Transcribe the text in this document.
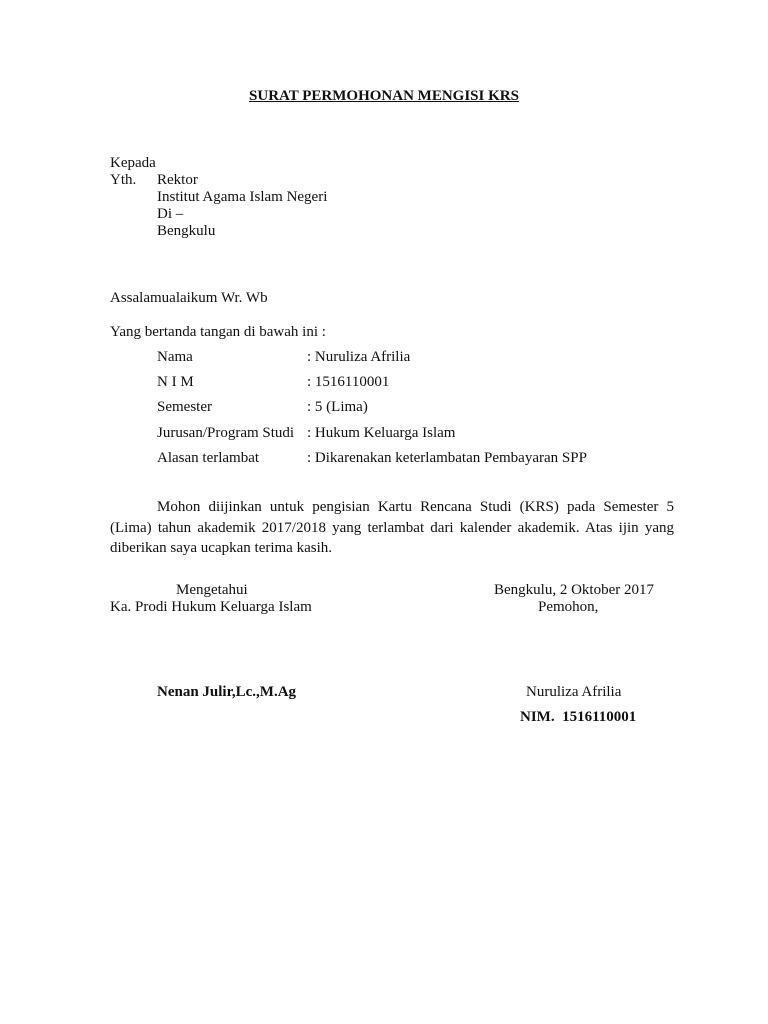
SURAT PERMOHONAN MENGISI KRS
Kepada
Yth. Rektor
Institut Agama Islam Negeri
Di –
Bengkulu
Assalamualaikum Wr. Wb
Yang bertanda tangan di bawah ini :
Nama	: Nuruliza Afrilia
N I M	: 1516110001
Semester	: 5 (Lima)
Jurusan/Program Studi : Hukum Keluarga Islam
Alasan terlambat	: Dikarenakan keterlambatan Pembayaran SPP
Mohon diijinkan untuk pengisian Kartu Rencana Studi (KRS) pada Semester 5 (Lima) tahun akademik 2017/2018 yang terlambat dari kalender akademik. Atas ijin yang diberikan saya ucapkan terima kasih.
Mengetahui
Ka. Prodi Hukum Keluarga Islam
Nenan Julir,Lc.,M.Ag
Bengkulu, 2 Oktober 2017
Pemohon,
Nuruliza Afrilia
NIM.  1516110001
